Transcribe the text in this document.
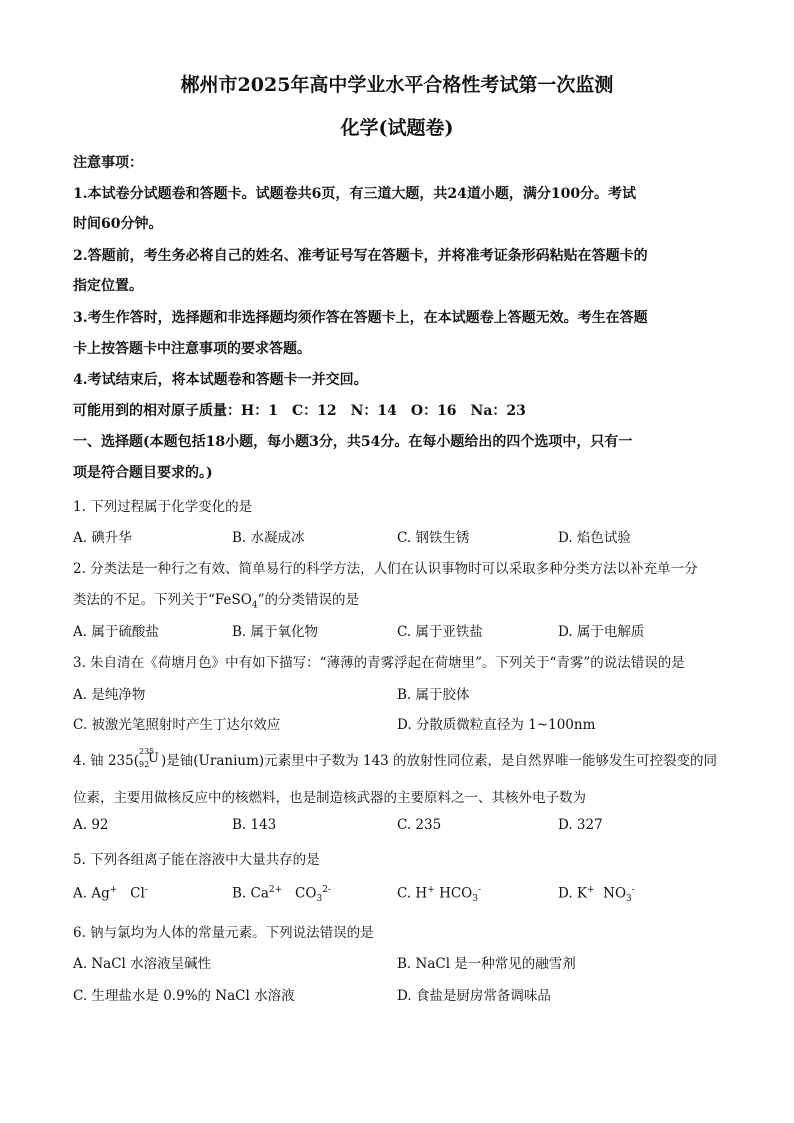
郴州市2025年高中学业水平合格性考试第一次监测
化学(试题卷)
注意事项：
1.本试卷分试题卷和答题卡。试题卷共6页，有三道大题，共24道小题，满分100分。考试
时间60分钟。
2.答题前，考生务必将自己的姓名、准考证号写在答题卡，并将准考证条形码粘贴在答题卡的
指定位置。
3.考生作答时，选择题和非选择题均须作答在答题卡上，在本试题卷上答题无效。考生在答题
卡上按答题卡中注意事项的要求答题。
4.考试结束后，将本试题卷和答题卡一并交回。
可能用到的相对原子质量：H：1　C：12　N：14　O：16　Na：23
一、选择题(本题包括18小题，每小题3分，共54分。在每小题给出的四个选项中，只有一
项是符合题目要求的。)
1. 下列过程属于化学变化的是
A. 碘升华	B. 水凝成冰	C. 钢铁生锈	D. 焰色试验
2. 分类法是一种行之有效、简单易行的科学方法，人们在认识事物时可以采取多种分类方法以补充单一分
类法的不足。下列关于“FeSO$_4$”的分类错误的是
A. 属于硫酸盐	B. 属于氧化物	C. 属于亚铁盐	D. 属于电解质
3. 朱自清在《荷塘月色》中有如下描写：“薄薄的青雾浮起在荷塘里”。下列关于“青雾”的说法错误的是
A. 是纯净物	B. 属于胶体
C. 被激光笔照射时产生丁达尔效应	D. 分散质微粒直径为 1~100nm
4. 铀 235(
235
92
U )是铀(Uranium)元素里中子数为 143 的放射性同位素，是自然界唯一能够发生可控裂变的同
位素，主要用做核反应中的核燃料，也是制造核武器的主要原料之一、其核外电子数为
A. 92	B. 143	C. 235	D. 327
5. 下列各组离子能在溶液中大量共存的是
A. Ag+ Cl-	B. $Ca^{2+}$ $CO_3^{2-}$	C. H+ $HCO_3^-$	D. K+ $NO_3^-$
6. 钠与氯均为人体的常量元素。下列说法错误的是
A. NaCl 水溶液呈碱性	B. NaCl 是一种常见的融雪剂
C. 生理盐水是 0.9%的 NaCl 水溶液	D. 食盐是厨房常备调味品
